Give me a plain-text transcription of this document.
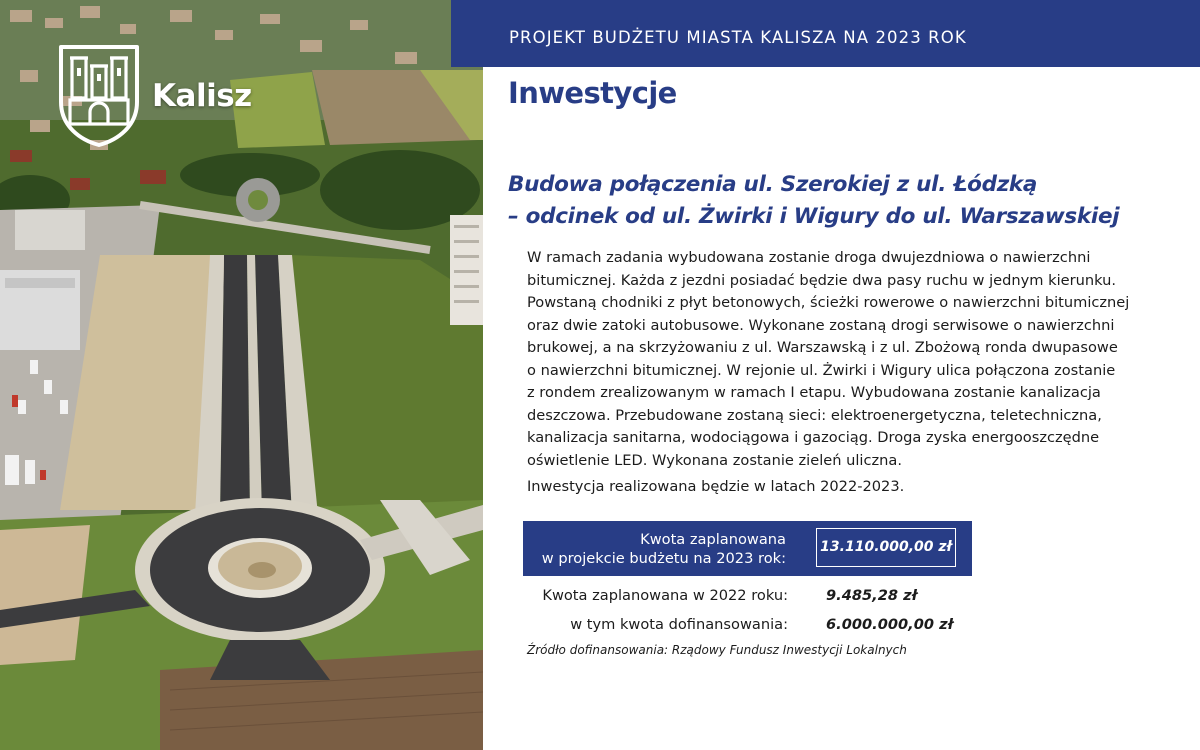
Kalisz
PROJEKT BUDŻETU MIASTA KALISZA NA 2023 ROK
Inwestycje
Budowa połączenia ul. Szerokiej z ul. Łódzką
– odcinek od ul. Żwirki i Wigury do ul. Warszawskiej
W ramach zadania wybudowana zostanie droga dwujezdniowa o nawierzchni
bitumicznej. Każda z jezdni posiadać będzie dwa pasy ruchu w jednym kierunku.
Powstaną chodniki z płyt betonowych, ścieżki rowerowe o nawierzchni bitumicznej
oraz dwie zatoki autobusowe. Wykonane zostaną drogi serwisowe o nawierzchni
brukowej, a na skrzyżowaniu z ul. Warszawską i z ul. Zbożową ronda dwupasowe
o nawierzchni bitumicznej. W rejonie ul. Żwirki i Wigury ulica połączona zostanie
z rondem zrealizowanym w ramach I etapu. Wybudowana zostanie kanalizacja
deszczowa. Przebudowane zostaną sieci: elektroenergetyczna, teletechniczna,
kanalizacja sanitarna, wodociągowa i gazociąg. Droga zyska energooszczędne
oświetlenie LED. Wykonana zostanie zieleń uliczna.
Inwestycja realizowana będzie w latach 2022-2023.
Kwota zaplanowana
w projekcie budżetu na 2023 rok:
13.110.000,00 zł
Kwota zaplanowana w 2022 roku:	9.485,28 zł
w tym kwota dofinansowania:	6.000.000,00 zł
Źródło dofinansowania: Rządowy Fundusz Inwestycji Lokalnych
